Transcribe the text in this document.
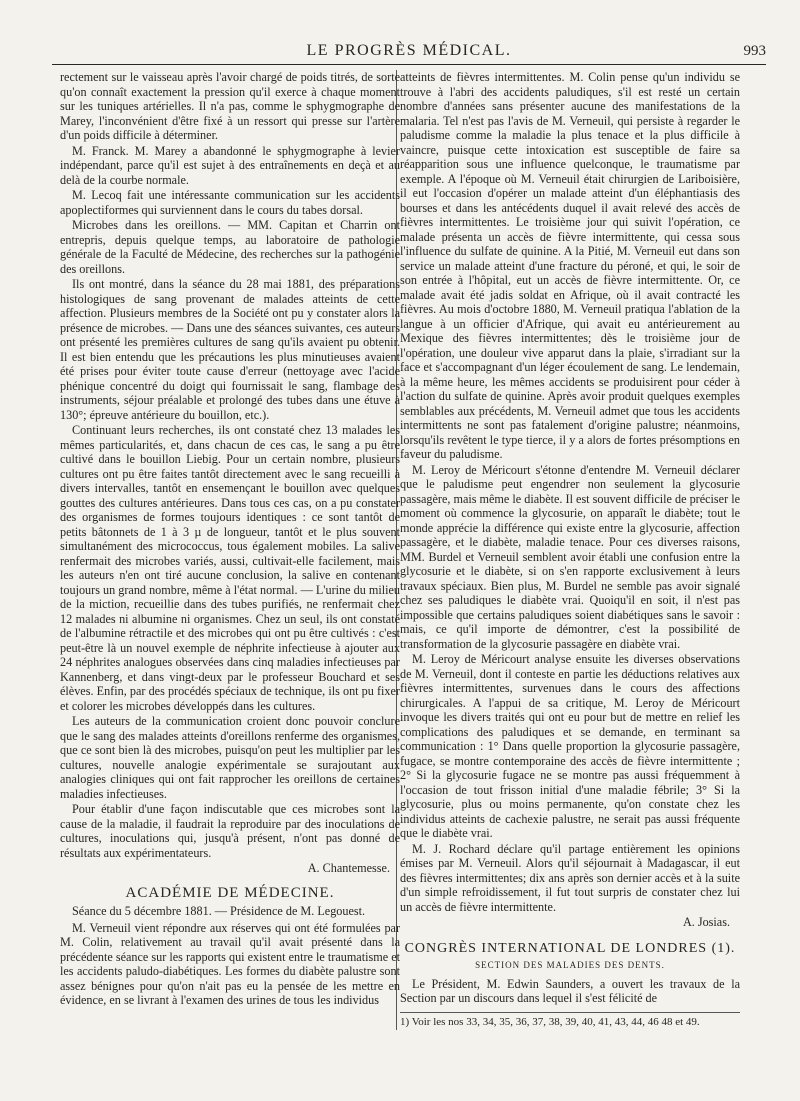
LE PROGRÈS MÉDICAL.	993

rectement sur le vaisseau après l'avoir chargé de poids titrés, de sorte qu'on connaît exactement la pression qu'il exerce à chaque moment sur les tuniques artérielles. Il n'a pas, comme le sphygmographe de Marey, l'inconvénient d'être fixé à un ressort qui presse sur l'artère d'un poids difficile à déterminer.

M. Franck. M. Marey a abandonné le sphygmographe à levier indépendant, parce qu'il est sujet à des entraînements en deçà et au delà de la courbe normale.

M. Lecoq fait une intéressante communication sur les accidents apoplectiformes qui surviennent dans le cours du tabes dorsal.

Microbes dans les oreillons. — MM. Capitan et Charrin ont entrepris, depuis quelque temps, au laboratoire de pathologie générale de la Faculté de Médecine, des recherches sur la pathogénie des oreillons.

Ils ont montré, dans la séance du 28 mai 1881, des préparations histologiques de sang provenant de malades atteints de cette affection. Plusieurs membres de la Société ont pu y constater alors la présence de microbes. — Dans une des séances suivantes, ces auteurs ont présenté les premières cultures de sang qu'ils avaient pu obtenir. Il est bien entendu que les précautions les plus minutieuses avaient été prises pour éviter toute cause d'erreur (nettoyage avec l'acide phénique concentré du doigt qui fournissait le sang, flambage des instruments, séjour préalable et prolongé des tubes dans une étuve à 130°; épreuve antérieure du bouillon, etc.).

Continuant leurs recherches, ils ont constaté chez 13 malades les mêmes particularités, et, dans chacun de ces cas, le sang a pu être cultivé dans le bouillon Liebig. Pour un certain nombre, plusieurs cultures ont pu être faites tantôt directement avec le sang recueilli à divers intervalles, tantôt en ensemençant le bouillon avec quelques gouttes des cultures antérieures. Dans tous ces cas, on a pu constater des organismes de formes toujours identiques : ce sont tantôt de petits bâtonnets de 1 à 3 µ de longueur, tantôt et le plus souvent simultanément des micrococcus, tous également mobiles. La salive renfermait des microbes variés, aussi, cultivait-elle facilement, mais les auteurs n'en ont tiré aucune conclusion, la salive en contenant toujours un grand nombre, même à l'état normal. — L'urine du milieu de la miction, recueillie dans des tubes purifiés, ne renfermait chez 12 malades ni albumine ni organismes. Chez un seul, ils ont constaté de l'albumine rétractile et des microbes qui ont pu être cultivés : c'est peut-être là un nouvel exemple de néphrite infectieuse à ajouter aux 24 néphrites analogues observées dans cinq maladies infectieuses par Kannenberg, et dans vingt-deux par le professeur Bouchard et ses élèves. Enfin, par des procédés spéciaux de technique, ils ont pu fixer et colorer les microbes développés dans les cultures.

Les auteurs de la communication croient donc pouvoir conclure que le sang des malades atteints d'oreillons renferme des organismes, que ce sont bien là des microbes, puisqu'on peut les multiplier par les cultures, nouvelle analogie expérimentale se surajoutant aux analogies cliniques qui ont fait rapprocher les oreillons de certaines maladies infectieuses.

Pour établir d'une façon indiscutable que ces microbes sont la cause de la maladie, il faudrait la reproduire par des inoculations de cultures, inoculations qui, jusqu'à présent, n'ont pas donné de résultats aux expérimentateurs.

A. Chantemesse.
ACADÉMIE DE MÉDECINE.
Séance du 5 décembre 1881. — Présidence de M. Legouest.

M. Verneuil vient répondre aux réserves qui ont été formulées par M. Colin, relativement au travail qu'il avait présenté dans la précédente séance sur les rapports qui existent entre le traumatisme et les accidents paludo-diabétiques. Les formes du diabète palustre sont assez bénignes pour qu'on n'ait pas eu la pensée de les mettre en évidence, en se livrant à l'examen des urines de tous les individus

atteints de fièvres intermittentes. M. Colin pense qu'un individu se trouve à l'abri des accidents paludiques, s'il est resté un certain nombre d'années sans présenter aucune des manifestations de la malaria. Tel n'est pas l'avis de M. Verneuil, qui persiste à regarder le paludisme comme la maladie la plus tenace et la plus difficile à vaincre, puisque cette intoxication est susceptible de faire sa réapparition sous une influence quelconque, le traumatisme par exemple. A l'époque où M. Verneuil était chirurgien de Lariboisière, il eut l'occasion d'opérer un malade atteint d'un éléphantiasis des bourses et dans les antécédents duquel il avait relevé des accès de fièvres intermittentes. Le troisième jour qui suivit l'opération, ce malade présenta un accès de fièvre intermittente, qui cessa sous l'influence du sulfate de quinine. A la Pitié, M. Verneuil eut dans son service un malade atteint d'une fracture du péroné, et qui, le soir de son entrée à l'hôpital, eut un accès de fièvre intermittente. Or, ce malade avait été jadis soldat en Afrique, où il avait contracté les fièvres. Au mois d'octobre 1880, M. Verneuil pratiqua l'ablation de la langue à un officier d'Afrique, qui avait eu antérieurement au Mexique des fièvres intermittentes; dès le troisième jour de l'opération, une douleur vive apparut dans la plaie, s'irradiant sur la face et s'accompagnant d'un léger écoulement de sang. Le lendemain, à la même heure, les mêmes accidents se produisirent pour céder à l'action du sulfate de quinine. Après avoir produit quelques exemples semblables aux précédents, M. Verneuil admet que tous les accidents intermittents ne sont pas fatalement d'origine palustre; néanmoins, lorsqu'ils revêtent le type tierce, il y a alors de fortes présomptions en faveur du paludisme.

M. Leroy de Méricourt s'étonne d'entendre M. Verneuil déclarer que le paludisme peut engendrer non seulement la glycosurie passagère, mais même le diabète. Il est souvent difficile de préciser le moment où commence la glycosurie, on apparaît le diabète; tout le monde apprécie la différence qui existe entre la glycosurie, affection passagère, et le diabète, maladie tenace. Pour ces diverses raisons, MM. Burdel et Verneuil semblent avoir établi une confusion entre la glycosurie et le diabète, si on s'en rapporte exclusivement à leurs travaux spéciaux. Bien plus, M. Burdel ne semble pas avoir signalé chez ses paludiques le diabète vrai. Quoiqu'il en soit, il n'est pas impossible que certains paludiques soient diabétiques sans le savoir : mais, ce qu'il importe de démontrer, c'est la possibilité de transformation de la glycosurie passagère en diabète vrai.

M. Leroy de Méricourt analyse ensuite les diverses observations de M. Verneuil, dont il conteste en partie les déductions relatives aux fièvres intermittentes, survenues dans le cours des affections chirurgicales. A l'appui de sa critique, M. Leroy de Méricourt invoque les divers traités qui ont eu pour but de mettre en relief les complications des paludiques et se demande, en terminant sa communication : 1° Dans quelle proportion la glycosurie passagère, fugace, se montre contemporaine des accès de fièvre intermittente ; 2° Si la glycosurie fugace ne se montre pas aussi fréquemment à l'occasion de tout frisson initial d'une maladie fébrile; 3° Si la glycosurie, plus ou moins permanente, qu'on constate chez les individus atteints de cachexie palustre, ne serait pas aussi fréquente que le diabète vrai.

M. J. Rochard déclare qu'il partage entièrement les opinions émises par M. Verneuil. Alors qu'il séjournait à Madagascar, il eut des fièvres intermittentes; dix ans après son dernier accès et à la suite d'un simple refroidissement, il fut tout surpris de constater chez lui un accès de fièvre intermittente.

A. Josias.
CONGRÈS INTERNATIONAL DE LONDRES (1).
SECTION DES MALADIES DES DENTS.

Le Président, M. Edwin Saunders, a ouvert les travaux de la Section par un discours dans lequel il s'est félicité de

1) Voir les nos 33, 34, 35, 36, 37, 38, 39, 40, 41, 43, 44, 46 48 et 49.
